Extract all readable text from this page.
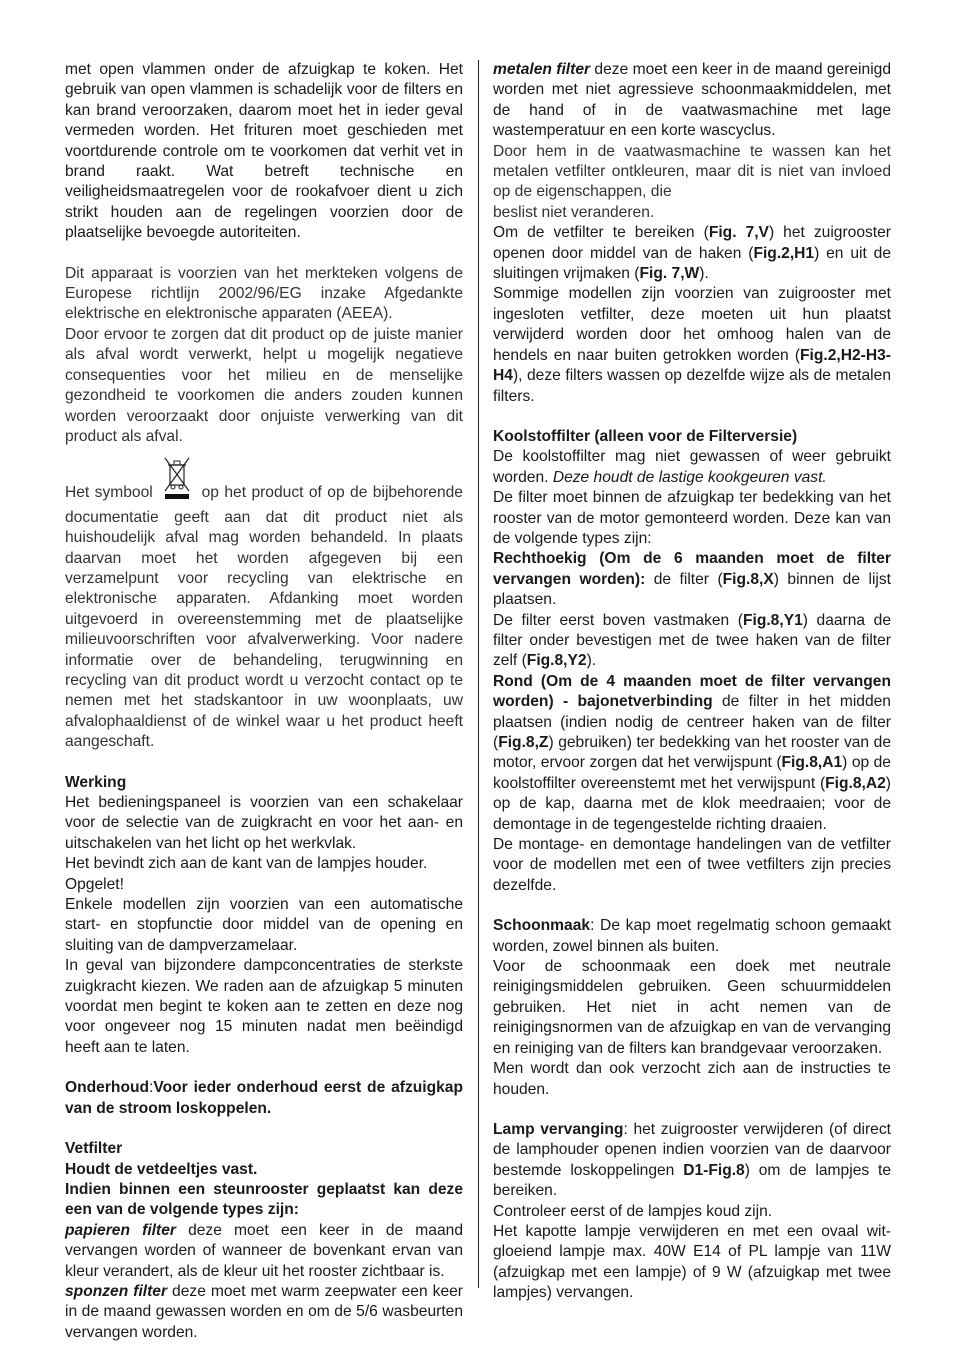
met open vlammen onder de afzuigkap te koken. Het gebruik van open vlammen is schadelijk voor de filters en kan brand veroorzaken, daarom moet het in ieder geval vermeden worden. Het frituren moet geschieden met voortdurende controle om te voorkomen dat verhit vet in brand raakt. Wat betreft technische en veiligheidsmaatregelen voor de rookafvoer dient u zich strikt houden aan de regelingen voorzien door de plaatselijke bevoegde autoriteiten.

Dit apparaat is voorzien van het merkteken volgens de Europese richtlijn 2002/96/EG inzake Afgedankte elektrische en elektronische apparaten (AEEA).

Door ervoor te zorgen dat dit product op de juiste manier als afval wordt verwerkt, helpt u mogelijk negatieve consequenties voor het milieu en de menselijke gezondheid te voorkomen die anders zouden kunnen worden veroorzaakt door onjuiste verwerking van dit product als afval.

Het symbool	op het product of op de bijbehorende documentatie geeft aan dat dit product niet als huishoudelijk afval mag worden behandeld. In plaats daarvan moet het worden afgegeven bij een verzamelpunt voor recycling van elektrische en elektronische apparaten. Afdanking moet worden uitgevoerd in overeenstemming met de plaatselijke milieuvoorschriften voor afvalverwerking. Voor nadere informatie over de behandeling, terugwinning en recycling van dit product wordt u verzocht contact op te nemen met het stadskantoor in uw woonplaats, uw afvalophaaldienst of de winkel waar u het product heeft aangeschaft.

Werking

Het bedieningspaneel is voorzien van een schakelaar voor de selectie van de zuigkracht en voor het aan- en uitschakelen van het licht op het werkvlak.

Het bevindt zich aan de kant van de lampjes houder.

Opgelet!

Enkele modellen zijn voorzien van een automatische start- en stopfunctie door middel van de opening en sluiting van de dampverzamelaar.

In geval van bijzondere dampconcentraties de sterkste zuigkracht kiezen. We raden aan de afzuigkap 5 minuten voordat men begint te koken aan te zetten en deze nog voor ongeveer nog 15 minuten nadat men beëindigd heeft aan te laten.

Onderhoud:Voor ieder onderhoud eerst de afzuigkap van de stroom loskoppelen.

Vetfilter

Houdt de vetdeeltjes vast.

Indien binnen een steunrooster geplaatst kan deze een van de volgende types zijn:

papieren filter deze moet een keer in de maand vervangen worden of wanneer de bovenkant ervan van kleur verandert, als de kleur uit het rooster zichtbaar is.

sponzen filter deze moet met warm zeepwater een keer in de maand gewassen worden en om de 5/6 wasbeurten vervangen worden.

metalen filter deze moet een keer in de maand gereinigd worden met niet agressieve schoonmaakmiddelen, met de hand of in de vaatwasmachine met lage wastemperatuur en een korte wascyclus.

Door hem in de vaatwasmachine te wassen kan het metalen vetfilter ontkleuren, maar dit is niet van invloed op de eigenschappen, die

beslist niet veranderen.

Om de vetfilter te bereiken (Fig. 7,V) het zuigrooster openen door middel van de haken (Fig.2,H1) en uit de sluitingen vrijmaken (Fig. 7,W).

Sommige modellen zijn voorzien van zuigrooster met ingesloten vetfilter, deze moeten uit hun plaatst verwijderd worden door het omhoog halen van de hendels en naar buiten getrokken worden (Fig.2,H2-H3-H4), deze filters wassen op dezelfde wijze als de metalen filters.

Koolstoffilter (alleen voor de Filterversie)

De koolstoffilter mag niet gewassen of weer gebruikt worden. Deze houdt de lastige kookgeuren vast.

De filter moet binnen de afzuigkap ter bedekking van het rooster van de motor gemonteerd worden. Deze kan van de volgende types zijn:

Rechthoekig (Om de 6 maanden moet de filter vervangen worden): de filter (Fig.8,X) binnen de lijst plaatsen.

De filter eerst boven vastmaken (Fig.8,Y1) daarna de filter onder bevestigen met de twee haken van de filter zelf (Fig.8,Y2).

Rond (Om de 4 maanden moet de filter vervangen worden) - bajonetverbinding de filter in het midden plaatsen (indien nodig de centreer haken van de filter (Fig.8,Z) gebruiken) ter bedekking van het rooster van de motor, ervoor zorgen dat het verwijspunt (Fig.8,A1) op de koolstoffilter overeenstemt met het verwijspunt (Fig.8,A2) op de kap, daarna met de klok meedraaien; voor de demontage in de tegengestelde richting draaien.

De montage- en demontage handelingen van de vetfilter voor de modellen met een of twee vetfilters zijn precies dezelfde.

Schoonmaak: De kap moet regelmatig schoon gemaakt worden, zowel binnen als buiten.

Voor de schoonmaak een doek met neutrale reinigingsmiddelen gebruiken. Geen schuurmiddelen gebruiken. Het niet in acht nemen van de reinigingsnormen van de afzuigkap en van de vervanging en reiniging van de filters kan brandgevaar veroorzaken.

Men wordt dan ook verzocht zich aan de instructies te houden.

Lamp vervanging: het zuigrooster verwijderen (of direct de lamphouder openen indien voorzien van de daarvoor bestemde loskoppelingen D1-Fig.8) om de lampjes te bereiken.

Controleer eerst of de lampjes koud zijn.

Het kapotte lampje verwijderen en met een ovaal wit-gloeiend lampje max. 40W E14 of PL lampje van 11W (afzuigkap met een lampje) of 9 W (afzuigkap met twee lampjes) vervangen.
